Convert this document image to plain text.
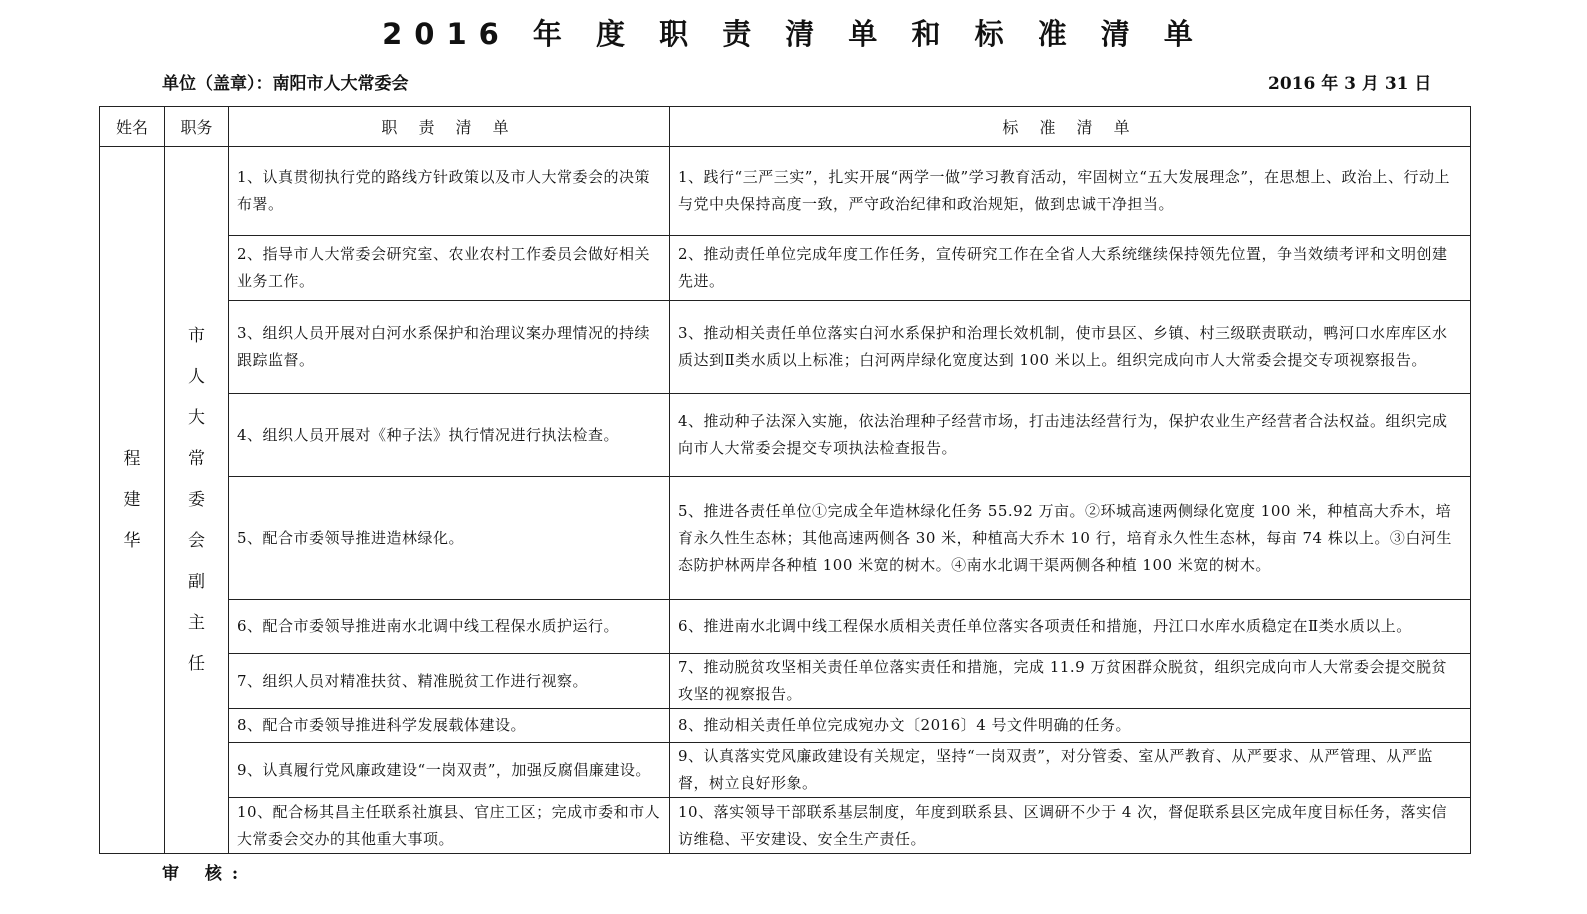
2016 年 度 职 责 清 单 和 标 准 清 单
单位（盖章）：南阳市人大常委会	2016 年 3 月 31 日
姓名	职务	职 责 清 单	标 准 清 单
程建华	市人大常委会副主任	1、认真贯彻执行党的路线方针政策以及市人大常委会的决策布署。	1、践行“三严三实”，扎实开展“两学一做”学习教育活动，牢固树立“五大发展理念”，在思想上、政治上、行动上与党中央保持高度一致，严守政治纪律和政治规矩，做到忠诚干净担当。
		2、指导市人大常委会研究室、农业农村工作委员会做好相关业务工作。	2、推动责任单位完成年度工作任务，宣传研究工作在全省人大系统继续保持领先位置，争当效绩考评和文明创建先进。
		3、组织人员开展对白河水系保护和治理议案办理情况的持续跟踪监督。	3、推动相关责任单位落实白河水系保护和治理长效机制，使市县区、乡镇、村三级联责联动，鸭河口水库库区水质达到Ⅱ类水质以上标准；白河两岸绿化宽度达到 100 米以上。组织完成向市人大常委会提交专项视察报告。
		4、组织人员开展对《种子法》执行情况进行执法检查。	4、推动种子法深入实施，依法治理种子经营市场，打击违法经营行为，保护农业生产经营者合法权益。组织完成向市人大常委会提交专项执法检查报告。
		5、配合市委领导推进造林绿化。	5、推进各责任单位①完成全年造林绿化任务 55.92 万亩。②环城高速两侧绿化宽度 100 米，种植高大乔木，培育永久性生态林；其他高速两侧各 30 米，种植高大乔木 10 行，培育永久性生态林，每亩 74 株以上。③白河生态防护林两岸各种植 100 米宽的树木。④南水北调干渠两侧各种植 100 米宽的树木。
		6、配合市委领导推进南水北调中线工程保水质护运行。	6、推进南水北调中线工程保水质相关责任单位落实各项责任和措施，丹江口水库水质稳定在Ⅱ类水质以上。
		7、组织人员对精准扶贫、精准脱贫工作进行视察。	7、推动脱贫攻坚相关责任单位落实责任和措施，完成 11.9 万贫困群众脱贫，组织完成向市人大常委会提交脱贫攻坚的视察报告。
		8、配合市委领导推进科学发展载体建设。	8、推动相关责任单位完成宛办文〔2016〕4 号文件明确的任务。
		9、认真履行党风廉政建设“一岗双责”，加强反腐倡廉建设。	9、认真落实党风廉政建设有关规定，坚持“一岗双责”，对分管委、室从严教育、从严要求、从严管理、从严监督，树立良好形象。
		10、配合杨其昌主任联系社旗县、官庄工区；完成市委和市人大常委会交办的其他重大事项。	10、落实领导干部联系基层制度，年度到联系县、区调研不少于 4 次，督促联系县区完成年度目标任务，落实信访维稳、平安建设、安全生产责任。
审 核:
